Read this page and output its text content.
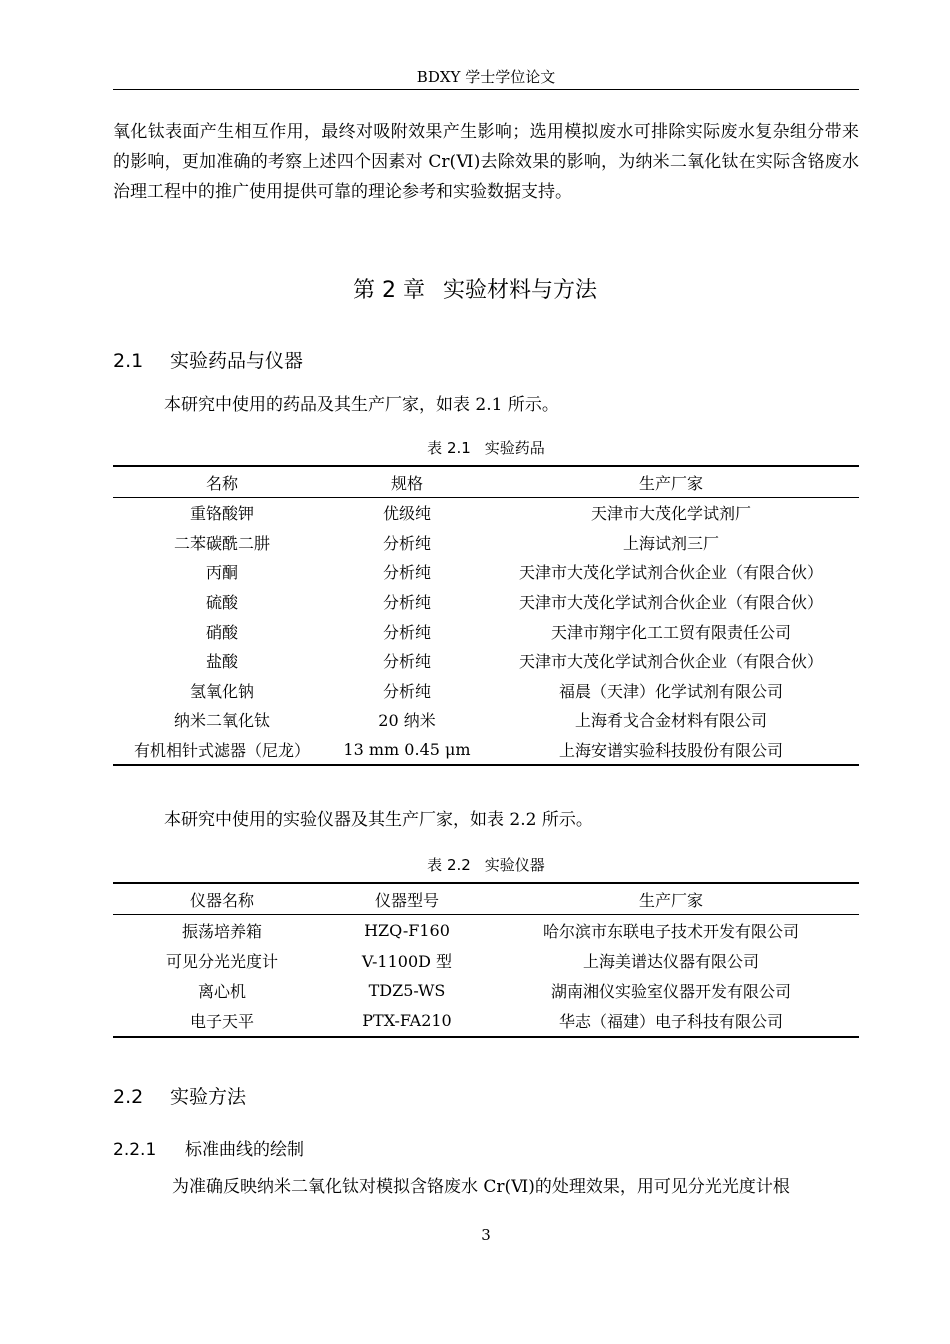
BDXY 学士学位论文
氧化钛表面产生相互作用，最终对吸附效果产生影响；选用模拟废水可排除实际废水复杂组分带来的影响，更加准确的考察上述四个因素对 Cr(Ⅵ)去除效果的影响，为纳米二氧化钛在实际含铬废水治理工程中的推广使用提供可靠的理论参考和实验数据支持。
第 2 章 实验材料与方法
2.1 实验药品与仪器
本研究中使用的药品及其生产厂家，如表 2.1 所示。
表 2.1 实验药品
名称	规格	生产厂家
重铬酸钾	优级纯	天津市大茂化学试剂厂
二苯碳酰二肼	分析纯	上海试剂三厂
丙酮	分析纯	天津市大茂化学试剂合伙企业（有限合伙）
硫酸	分析纯	天津市大茂化学试剂合伙企业（有限合伙）
硝酸	分析纯	天津市翔宇化工工贸有限责任公司
盐酸	分析纯	天津市大茂化学试剂合伙企业（有限合伙）
氢氧化钠	分析纯	福晨（天津）化学试剂有限公司
纳米二氧化钛	20 纳米	上海肴戈合金材料有限公司
有机相针式滤器（尼龙）	13 mm 0.45 μm	上海安谱实验科技股份有限公司
本研究中使用的实验仪器及其生产厂家，如表 2.2 所示。
表 2.2 实验仪器
仪器名称	仪器型号	生产厂家
振荡培养箱	HZQ-F160	哈尔滨市东联电子技术开发有限公司
可见分光光度计	V-1100D 型	上海美谱达仪器有限公司
离心机	TDZ5-WS	湖南湘仪实验室仪器开发有限公司
电子天平	PTX-FA210	华志（福建）电子科技有限公司
2.2 实验方法
2.2.1 标准曲线的绘制
为准确反映纳米二氧化钛对模拟含铬废水 Cr(Ⅵ)的处理效果，用可见分光光度计根
3
